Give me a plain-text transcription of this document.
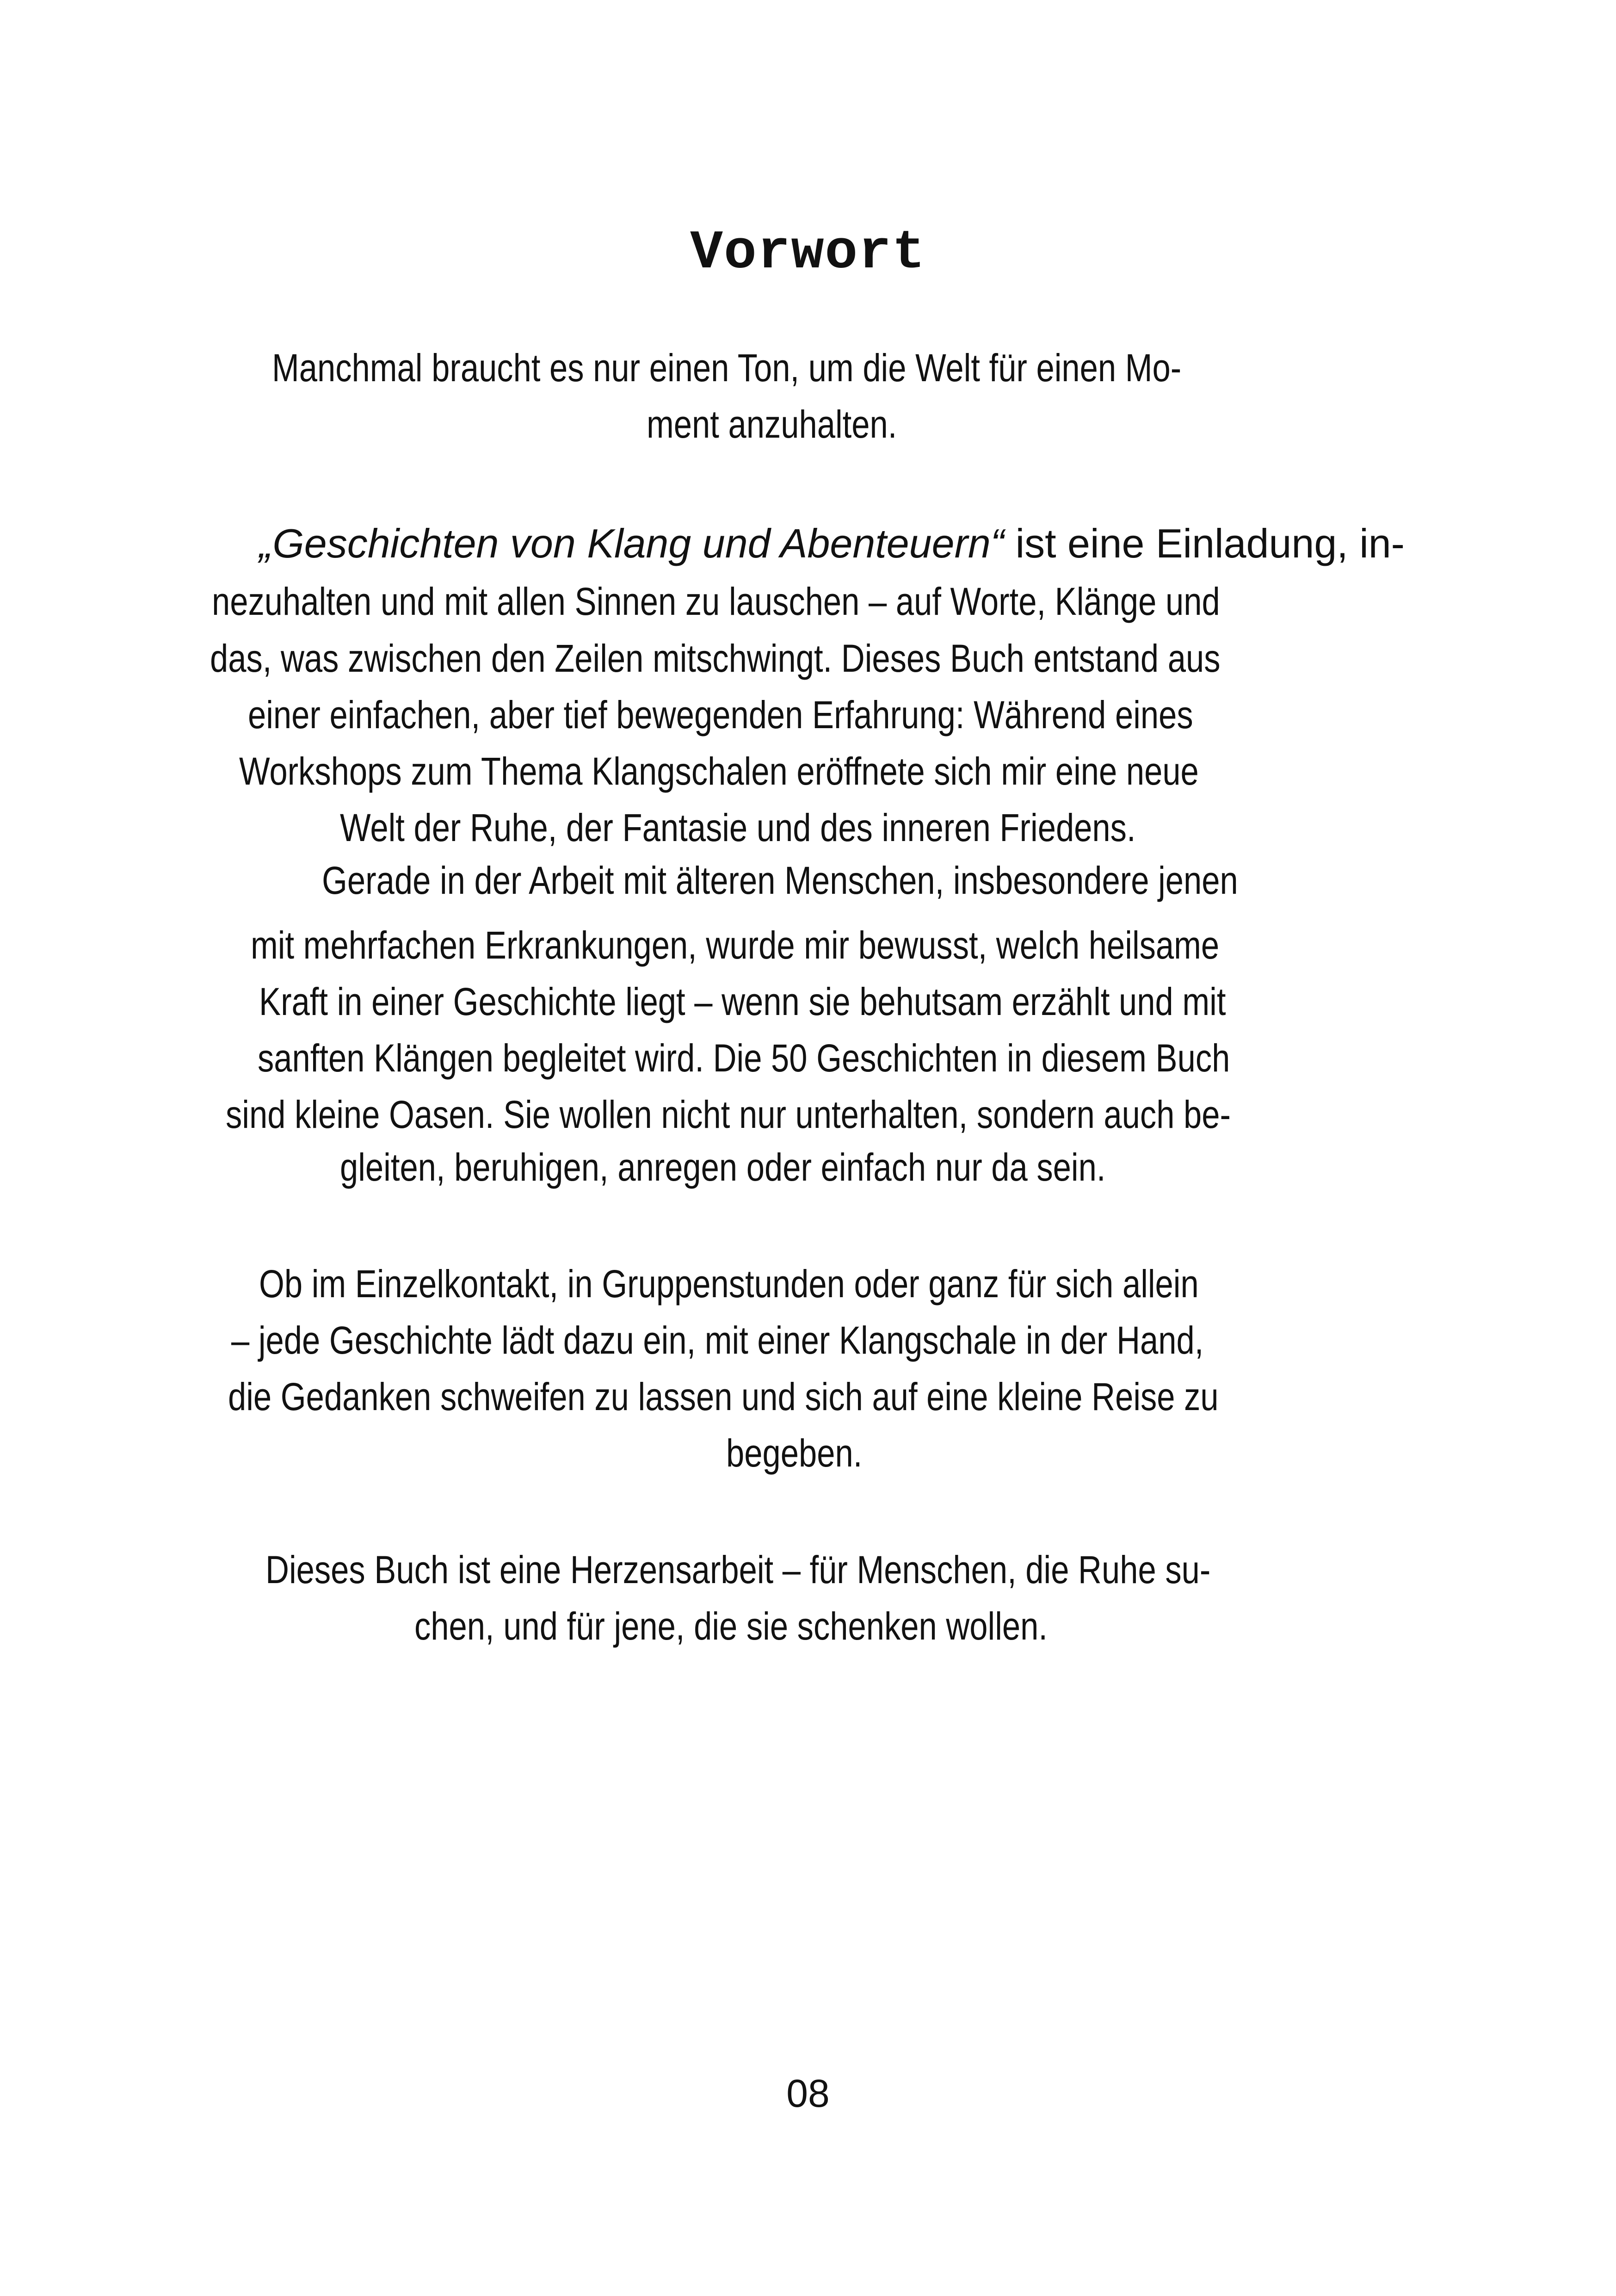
Vorwort
Manchmal braucht es nur einen Ton, um die Welt für einen Mo-
ment anzuhalten.
„Geschichten von Klang und Abenteuern“ ist eine Einladung, in-
nezuhalten und mit allen Sinnen zu lauschen – auf Worte, Klänge und
das, was zwischen den Zeilen mitschwingt. Dieses Buch entstand aus
einer einfachen, aber tief bewegenden Erfahrung: Während eines
Workshops zum Thema Klangschalen eröffnete sich mir eine neue
Welt der Ruhe, der Fantasie und des inneren Friedens.
Gerade in der Arbeit mit älteren Menschen, insbesondere jenen
mit mehrfachen Erkrankungen, wurde mir bewusst, welch heilsame
Kraft in einer Geschichte liegt – wenn sie behutsam erzählt und mit
sanften Klängen begleitet wird. Die 50 Geschichten in diesem Buch
sind kleine Oasen. Sie wollen nicht nur unterhalten, sondern auch be-
gleiten, beruhigen, anregen oder einfach nur da sein.
Ob im Einzelkontakt, in Gruppenstunden oder ganz für sich allein
– jede Geschichte lädt dazu ein, mit einer Klangschale in der Hand,
die Gedanken schweifen zu lassen und sich auf eine kleine Reise zu
begeben.
Dieses Buch ist eine Herzensarbeit – für Menschen, die Ruhe su-
chen, und für jene, die sie schenken wollen.
08
